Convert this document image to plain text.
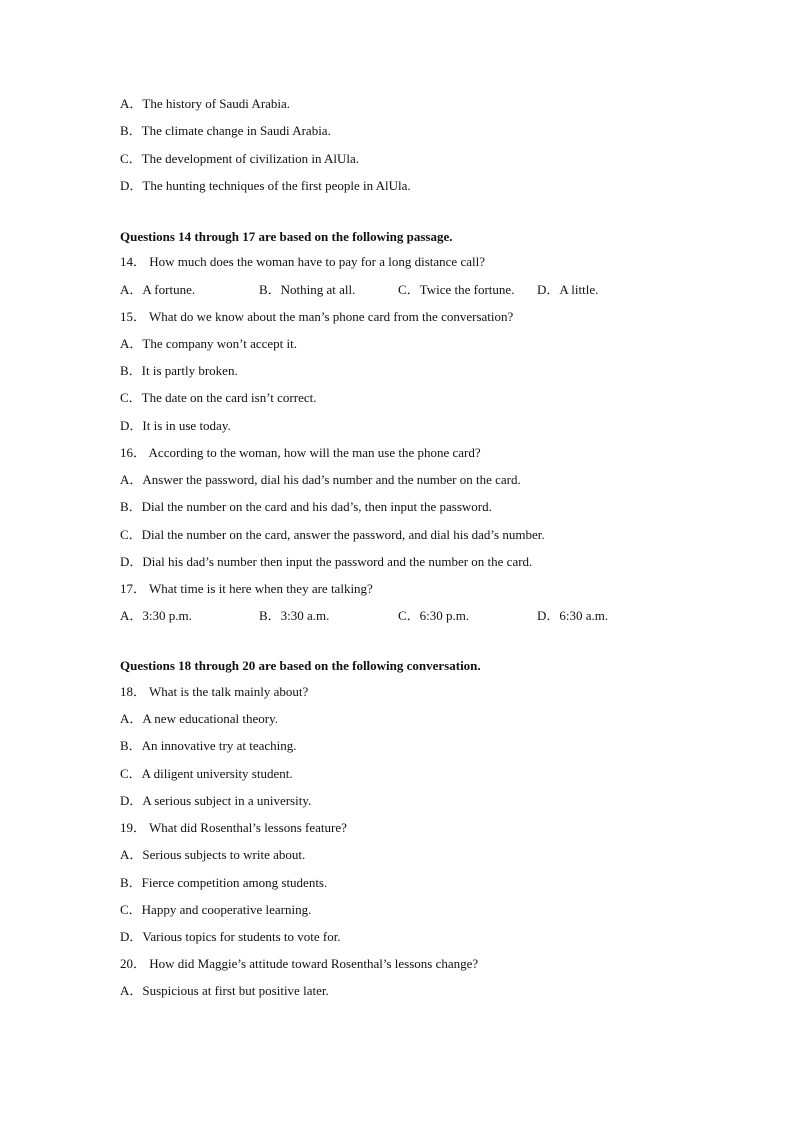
A．The history of Saudi Arabia.
B．The climate change in Saudi Arabia.
C．The development of civilization in AlUla.
D．The hunting techniques of the first people in AlUla.
Questions 14 through 17 are based on the following passage.
14． How much does the woman have to pay for a long distance call?
A．A fortune.	B．Nothing at all.	C．Twice the fortune.	D．A little.
15． What do we know about the man’s phone card from the conversation?
A．The company won’t accept it.
B．It is partly broken.
C．The date on the card isn’t correct.
D．It is in use today.
16． According to the woman, how will the man use the phone card?
A．Answer the password, dial his dad’s number and the number on the card.
B．Dial the number on the card and his dad’s, then input the password.
C．Dial the number on the card, answer the password, and dial his dad’s number.
D．Dial his dad’s number then input the password and the number on the card.
17． What time is it here when they are talking?
A．3:30 p.m.	B．3:30 a.m.	C．6:30 p.m.	D．6:30 a.m.
Questions 18 through 20 are based on the following conversation.
18． What is the talk mainly about?
A．A new educational theory.
B．An innovative try at teaching.
C．A diligent university student.
D．A serious subject in a university.
19． What did Rosenthal’s lessons feature?
A．Serious subjects to write about.
B．Fierce competition among students.
C．Happy and cooperative learning.
D．Various topics for students to vote for.
20． How did Maggie’s attitude toward Rosenthal’s lessons change?
A．Suspicious at first but positive later.
